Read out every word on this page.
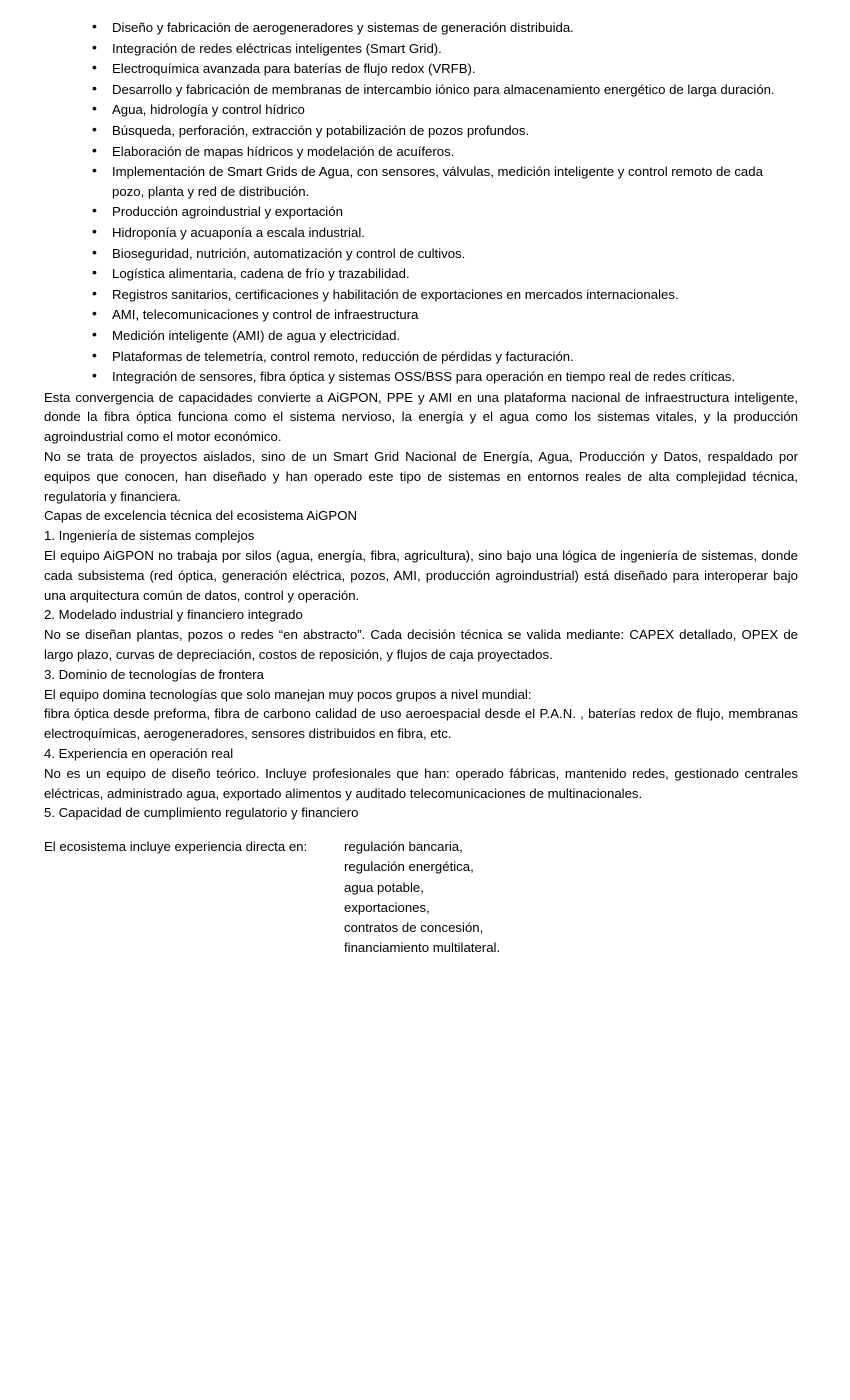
• Diseño y fabricación de aerogeneradores y sistemas de generación distribuida.
• Integración de redes eléctricas inteligentes (Smart Grid).
• Electroquímica avanzada para baterías de flujo redox (VRFB).
• Desarrollo y fabricación de membranas de intercambio iónico para almacenamiento energético de larga duración.
• Agua, hidrología y control hídrico
• Búsqueda, perforación, extracción y potabilización de pozos profundos.
• Elaboración de mapas hídricos y modelación de acuíferos.
• Implementación de Smart Grids de Agua, con sensores, válvulas, medición inteligente y control remoto de cada pozo, planta y red de distribución.
• Producción agroindustrial y exportación
• Hidroponía y acuaponía a escala industrial.
• Bioseguridad, nutrición, automatización y control de cultivos.
• Logística alimentaria, cadena de frío y trazabilidad.
• Registros sanitarios, certificaciones y habilitación de exportaciones en mercados internacionales.
• AMI, telecomunicaciones y control de infraestructura
• Medición inteligente (AMI) de agua y electricidad.
• Plataformas de telemetría, control remoto, reducción de pérdidas y facturación.
• Integración de sensores, fibra óptica y sistemas OSS/BSS para operación en tiempo real de redes críticas.

Esta convergencia de capacidades convierte a AiGPON, PPE y AMI en una plataforma nacional de infraestructura inteligente, donde la fibra óptica funciona como el sistema nervioso, la energía y el agua como los sistemas vitales, y la producción agroindustrial como el motor económico.

No se trata de proyectos aislados, sino de un Smart Grid Nacional de Energía, Agua, Producción y Datos, respaldado por equipos que conocen, han diseñado y han operado este tipo de sistemas en entornos reales de alta complejidad técnica, regulatoria y financiera.

Capas de excelencia técnica del ecosistema AiGPON

1. Ingeniería de sistemas complejos

El equipo AiGPON no trabaja por silos (agua, energía, fibra, agricultura), sino bajo una lógica de ingeniería de sistemas, donde cada subsistema (red óptica, generación eléctrica, pozos, AMI, producción agroindustrial) está diseñado para interoperar bajo una arquitectura común de datos, control y operación.

2. Modelado industrial y financiero integrado

No se diseñan plantas, pozos o redes “en abstracto”. Cada decisión técnica se valida mediante: CAPEX detallado, OPEX de largo plazo, curvas de depreciación, costos de reposición, y flujos de caja proyectados.

3. Dominio de tecnologías de frontera

El equipo domina tecnologías que solo manejan muy pocos grupos a nivel mundial:

fibra óptica desde preforma, fibra de carbono calidad de uso aeroespacial desde el P.A.N. , baterías redox de flujo, membranas electroquímicas, aerogeneradores, sensores distribuidos en fibra, etc.

4. Experiencia en operación real

No es un equipo de diseño teórico. Incluye profesionales que han: operado fábricas, mantenido redes, gestionado centrales eléctricas, administrado agua, exportado alimentos y auditado telecomunicaciones de multinacionales.

5. Capacidad de cumplimiento regulatorio y financiero

El ecosistema incluye experiencia directa en:	regulación bancaria,
regulación energética,
agua potable,
exportaciones,
contratos de concesión,
financiamiento multilateral.
